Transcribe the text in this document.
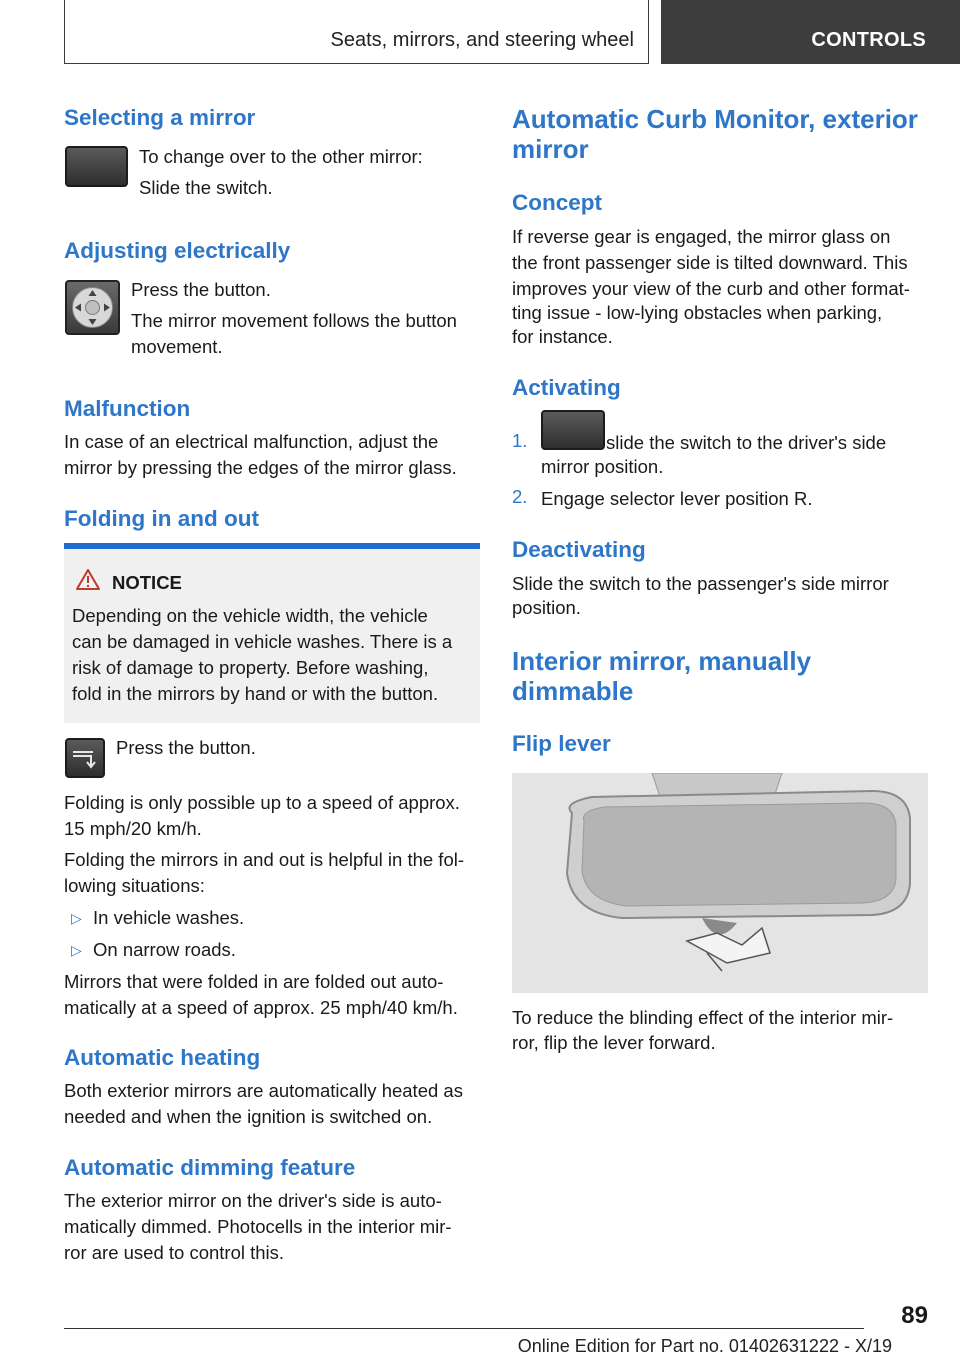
Seats, mirrors, and steering wheel	CONTROLS
Selecting a mirror

To change over to the other mirror:

Slide the switch.

Adjusting electrically

Press the button.

The mirror movement follows the button

movement.

Malfunction

In case of an electrical malfunction, adjust the

mirror by pressing the edges of the mirror glass.

Folding in and out

NOTICE

Depending on the vehicle width, the vehicle

can be damaged in vehicle washes. There is a

risk of damage to property. Before washing,

fold in the mirrors by hand or with the button.

Press the button.

Folding is only possible up to a speed of approx.

15 mph/20 km/h.

Folding the mirrors in and out is helpful in the fol‐

lowing situations:

▷ In vehicle washes.

▷ On narrow roads.

Mirrors that were folded in are folded out auto‐

matically at a speed of approx. 25 mph/40 km/h.

Automatic heating

Both exterior mirrors are automatically heated as

needed and when the ignition is switched on.

Automatic dimming feature

The exterior mirror on the driver's side is auto‐

matically dimmed. Photocells in the interior mir‐

ror are used to control this.

Automatic Curb Monitor, exterior
mirror
Concept

If reverse gear is engaged, the mirror glass on

the front passenger side is tilted downward. This

improves your view of the curb and other format‐

ting issue - low-lying obstacles when parking,

for instance.

Activating
1.	slide the switch to the driver's side

mirror position.

2. Engage selector lever position R.

Deactivating

Slide the switch to the passenger's side mirror

position.

Interior mirror, manually
dimmable
Flip lever

To reduce the blinding effect of the interior mir‐

ror, flip the lever forward.

89
Online Edition for Part no. 01402631222 - X/19
